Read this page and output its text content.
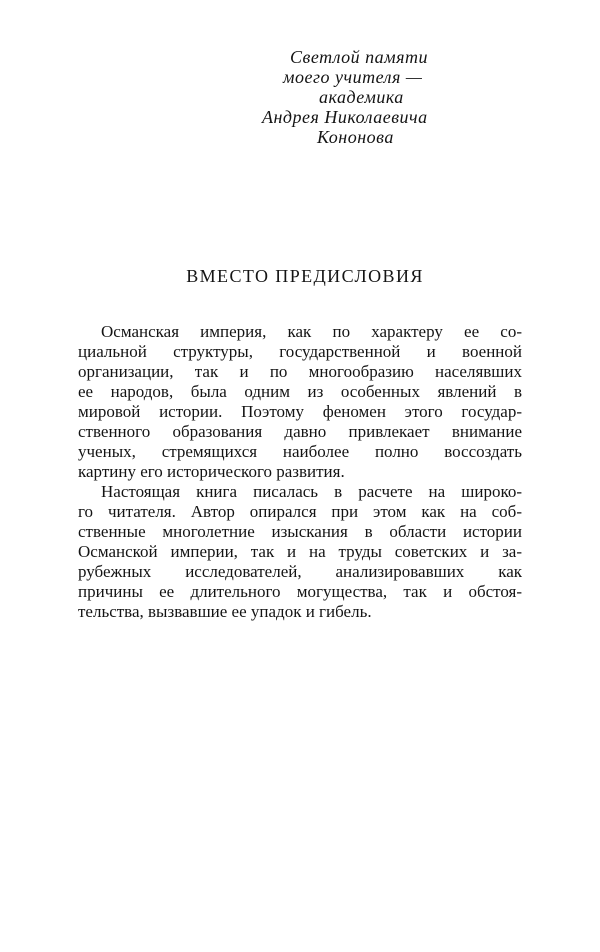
Светлой памяти
моего учителя —
академика
Андрея Николаевича
Кононова
ВМЕСТО ПРЕДИСЛОВИЯ
Османская империя, как по характеру ее со-
циальной структуры, государственной и военной
организации, так и по многообразию населявших
ее народов, была одним из особенных явлений в
мировой истории. Поэтому феномен этого государ-
ственного образования давно привлекает внимание
ученых, стремящихся наиболее полно воссоздать
картину его исторического развития.
Настоящая книга писалась в расчете на широко-
го читателя. Автор опирался при этом как на соб-
ственные многолетние изыскания в области истории
Османской империи, так и на труды советских и за-
рубежных исследователей, анализировавших как
причины ее длительного могущества, так и обстоя-
тельства, вызвавшие ее упадок и гибель.
